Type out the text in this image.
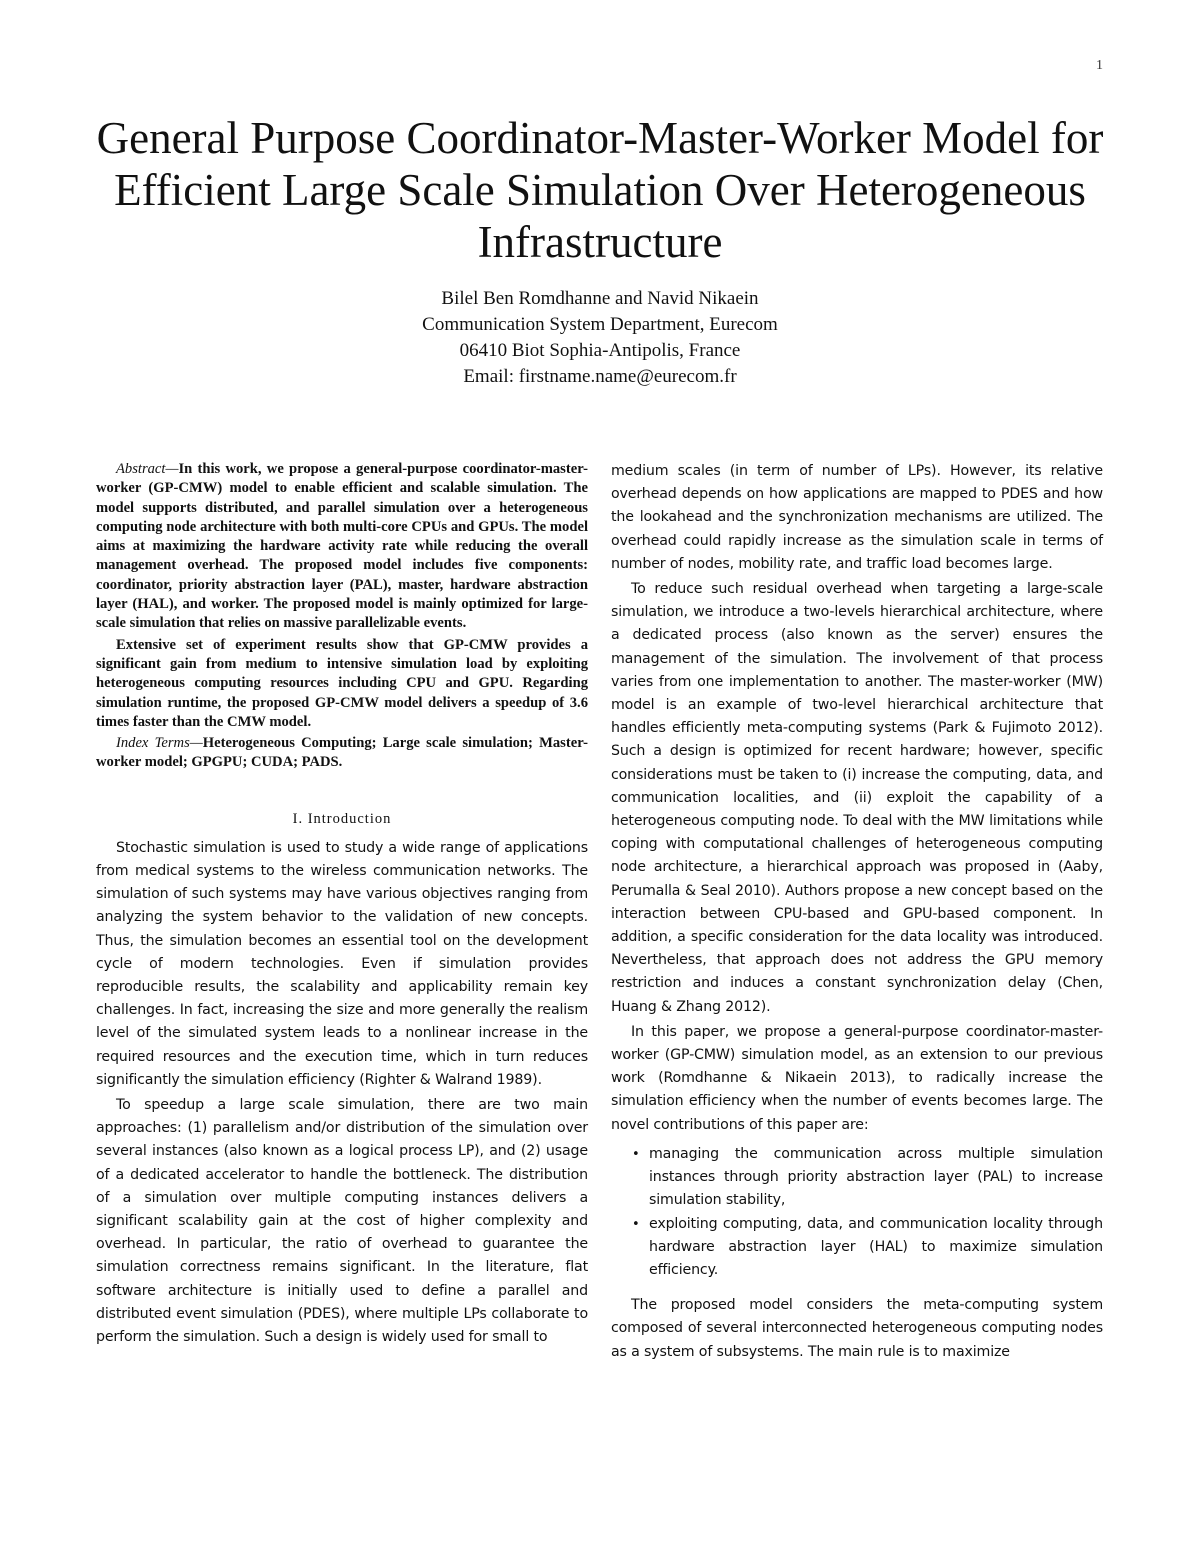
1
General Purpose Coordinator-Master-Worker Model for Efficient Large Scale Simulation Over Heterogeneous Infrastructure
Bilel Ben Romdhanne and Navid Nikaein
Communication System Department, Eurecom
06410 Biot Sophia-Antipolis, France
Email: firstname.name@eurecom.fr

Abstract—In this work, we propose a general-purpose coordinator-master-worker (GP-CMW) model to enable efficient and scalable simulation. The model supports distributed, and parallel simulation over a heterogeneous computing node architecture with both multi-core CPUs and GPUs. The model aims at maximizing the hardware activity rate while reducing the overall management overhead. The proposed model includes five components: coordinator, priority abstraction layer (PAL), master, hardware abstraction layer (HAL), and worker. The proposed model is mainly optimized for large-scale simulation that relies on massive parallelizable events.

Extensive set of experiment results show that GP-CMW provides a significant gain from medium to intensive simulation load by exploiting heterogeneous computing resources including CPU and GPU. Regarding simulation runtime, the proposed GP-CMW model delivers a speedup of 3.6 times faster than the CMW model.

Index Terms—Heterogeneous Computing; Large scale simulation; Master-worker model; GPGPU; CUDA; PADS.

I. Introduction

Stochastic simulation is used to study a wide range of applications from medical systems to the wireless communication networks. The simulation of such systems may have various objectives ranging from analyzing the system behavior to the validation of new concepts. Thus, the simulation becomes an essential tool on the development cycle of modern technologies. Even if simulation provides reproducible results, the scalability and applicability remain key challenges. In fact, increasing the size and more generally the realism level of the simulated system leads to a nonlinear increase in the required resources and the execution time, which in turn reduces significantly the simulation efficiency (Righter & Walrand 1989).

To speedup a large scale simulation, there are two main approaches: (1) parallelism and/or distribution of the simulation over several instances (also known as a logical process LP), and (2) usage of a dedicated accelerator to handle the bottleneck. The distribution of a simulation over multiple computing instances delivers a significant scalability gain at the cost of higher complexity and overhead. In particular, the ratio of overhead to guarantee the simulation correctness remains significant. In the literature, flat software architecture is initially used to define a parallel and distributed event simulation (PDES), where multiple LPs collaborate to perform the simulation. Such a design is widely used for small to

medium scales (in term of number of LPs). However, its relative overhead depends on how applications are mapped to PDES and how the lookahead and the synchronization mechanisms are utilized. The overhead could rapidly increase as the simulation scale in terms of number of nodes, mobility rate, and traffic load becomes large.

To reduce such residual overhead when targeting a large-scale simulation, we introduce a two-levels hierarchical architecture, where a dedicated process (also known as the server) ensures the management of the simulation. The involvement of that process varies from one implementation to another. The master-worker (MW) model is an example of two-level hierarchical architecture that handles efficiently meta-computing systems (Park & Fujimoto 2012). Such a design is optimized for recent hardware; however, specific considerations must be taken to (i) increase the computing, data, and communication localities, and (ii) exploit the capability of a heterogeneous computing node. To deal with the MW limitations while coping with computational challenges of heterogeneous computing node architecture, a hierarchical approach was proposed in (Aaby, Perumalla & Seal 2010). Authors propose a new concept based on the interaction between CPU-based and GPU-based component. In addition, a specific consideration for the data locality was introduced. Nevertheless, that approach does not address the GPU memory restriction and induces a constant synchronization delay (Chen, Huang & Zhang 2012).

In this paper, we propose a general-purpose coordinator-master-worker (GP-CMW) simulation model, as an extension to our previous work (Romdhanne & Nikaein 2013), to radically increase the simulation efficiency when the number of events becomes large. The novel contributions of this paper are:

• managing the communication across multiple simulation instances through priority abstraction layer (PAL) to increase simulation stability,
• exploiting computing, data, and communication locality through hardware abstraction layer (HAL) to maximize simulation efficiency.

The proposed model considers the meta-computing system composed of several interconnected heterogeneous computing nodes as a system of subsystems. The main rule is to maximize
